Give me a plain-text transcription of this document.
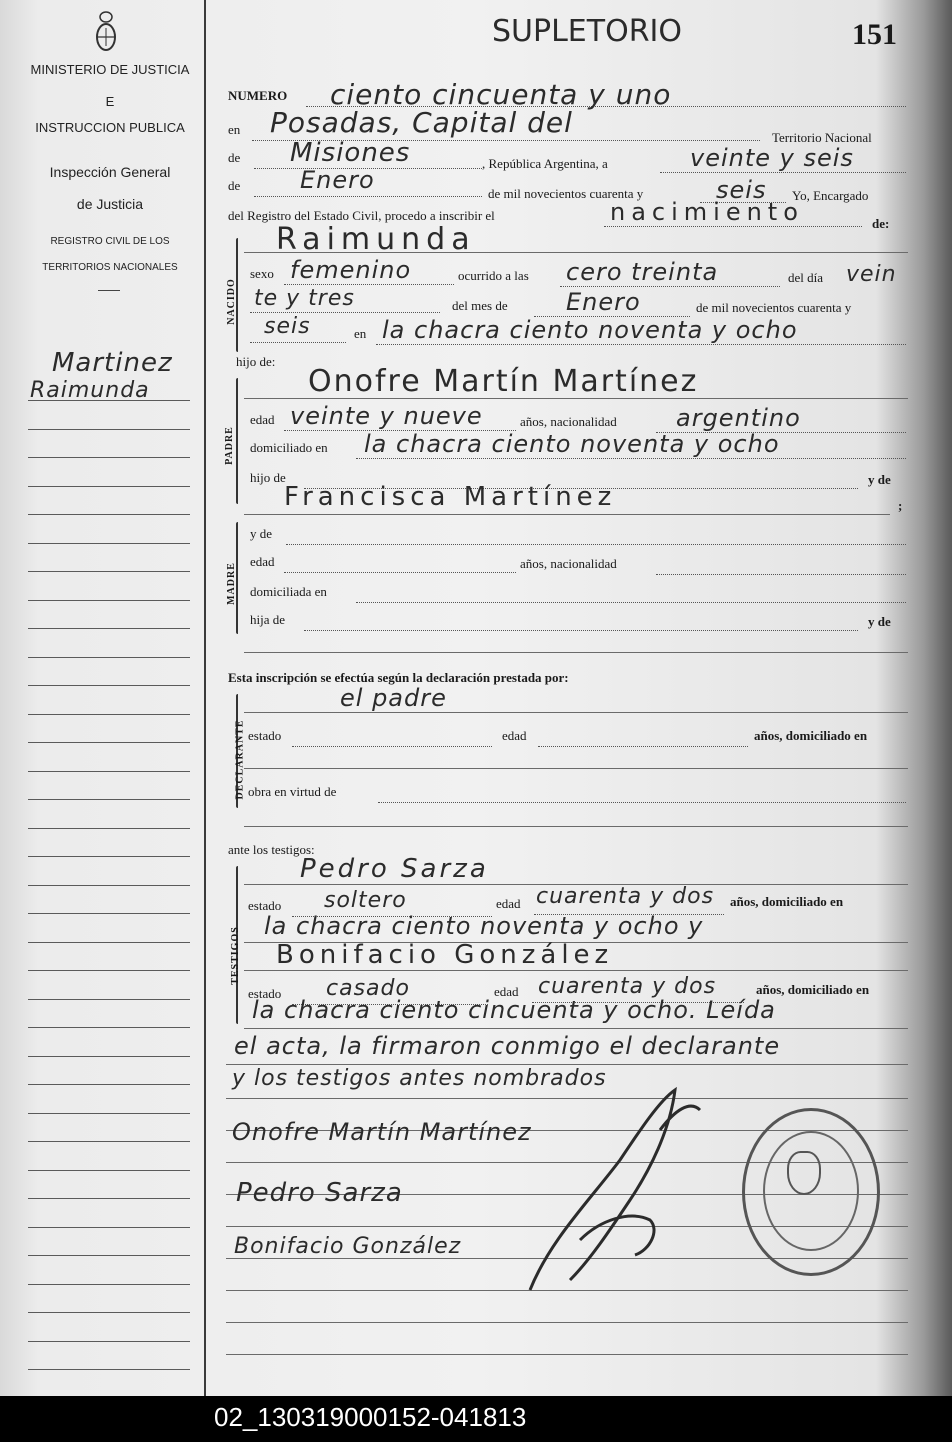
MINISTERIO DE JUSTICIA
E
INSTRUCCION PUBLICA
Inspección General
de Justicia
REGISTRO CIVIL DE LOS
TERRITORIOS NACIONALES
Martinez
Raimunda
SUPLETORIO	151
NUMERO ciento cincuenta y uno
en Posadas, Capital del	Territorio Nacional
de Misiones	, República Argentina, a	veinte y seis
de Enero	de mil novecientos cuarenta y	seis Yo, Encargado
del Registro del Estado Civil, procedo a inscribir el	nacimiento	de:
NACIDO
Raimunda
sexo femenino	ocurrido a las cero treinta	del día vein
te y tres	del mes de Enero	de mil novecientos cuarenta y
seis	en la chacra ciento noventa y ocho
hijo de:
PADRE
Onofre Martín Martínez
edad veinte y nueve	años, nacionalidad argentino
domiciliado en la chacra ciento noventa y ocho
hijo de	y de
Francisca Martínez	;
MADRE
y de
edad	años, nacionalidad
domiciliada en
hija de	y de
Esta inscripción se efectúa según la declaración prestada por:
DECLARANTE
el padre
estado	edad	años, domiciliado en
obra en virtud de
ante los testigos:
TESTIGOS
Pedro Sarza
estado soltero	edad cuarenta y dos años, domiciliado en
la chacra ciento noventa y ocho y
Bonifacio González
estado casado	edad cuarenta y dos	años, domiciliado en
la chacra ciento cincuenta y ocho. Leída
el acta, la firmaron conmigo el declarante
y los testigos antes nombrados
Onofre Martín Martínez
Pedro Sarza
Bonifacio González
02_130319000152-041813
